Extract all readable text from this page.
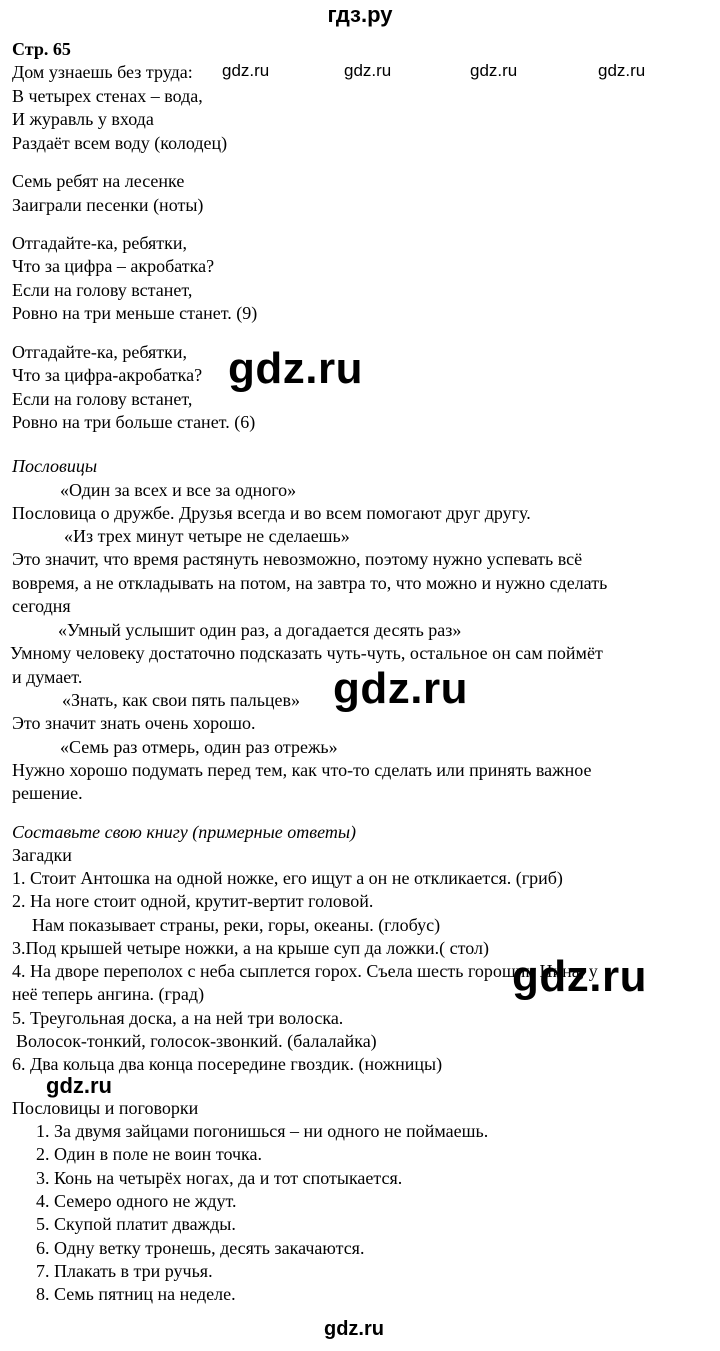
гдз.ру
Стр. 65
Дом узнаешь без труда:
В четырех стенах – вода,
И журавль у входа
Раздаёт всем воду (колодец)
Семь ребят на лесенке
Заиграли песенки (ноты)
Отгадайте-ка, ребятки,
Что за цифра – акробатка?
Если на голову встанет,
Ровно на три меньше станет. (9)
Отгадайте-ка, ребятки,
Что за цифра-акробатка?
Если на голову встанет,
Ровно на три больше станет. (6)
Пословицы
«Один за всех и все за одного»
Пословица о дружбе. Друзья всегда и во всем помогают друг другу.
«Из трех минут четыре не сделаешь»
Это значит, что время растянуть невозможно, поэтому нужно успевать всё
вовремя, а не откладывать на потом, на завтра то, что можно и нужно сделать
сегодня
«Умный услышит один раз, а догадается десять раз»
Умному человеку достаточно подсказать чуть-чуть, остальное он сам поймёт
и думает.
«Знать, как свои пять пальцев»
Это значит знать очень хорошо.
«Семь раз отмерь, один раз отрежь»
Нужно хорошо подумать перед тем, как что-то сделать или принять важное
решение.
Составьте свою книгу (примерные ответы)
Загадки
1. Стоит Антошка на одной ножке, его ищут а он не откликается. (гриб)
2. На ноге стоит одной, крутит-вертит головой.
Нам показывает страны, реки, горы, океаны. (глобус)
3.Под крышей четыре ножки, а на крыше суп да ложки.( стол)
4. На дворе переполох с неба сыплется горох. Съела шесть горошин Нина, у
неё теперь ангина. (град)
5. Треугольная доска, а на ней три волоска.
Волосок-тонкий, голосок-звонкий. (балалайка)
6. Два кольца два конца посередине гвоздик. (ножницы)
Пословицы и поговорки
1. За двумя зайцами погонишься – ни одного не поймаешь.
2. Один в поле не воин точка.
3. Конь на четырёх ногах, да и тот спотыкается.
4. Семеро одного не ждут.
5. Скупой платит дважды.
6. Одну ветку тронешь, десять закачаются.
7. Плакать в три ручья.
8. Семь пятниц на неделе.
gdz.ru	gdz.ru	gdz.ru	gdz.ru
gdz.ru
gdz.ru
gdz.ru
gdz.ru
gdz.ru
